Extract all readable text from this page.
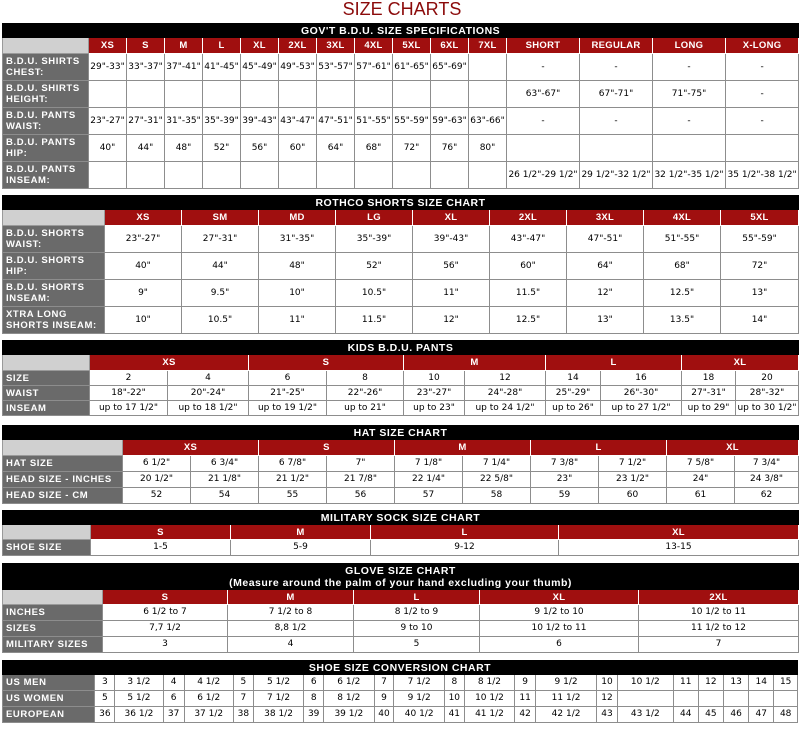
SIZE CHARTS
GOV'T B.D.U. SIZE SPECIFICATIONS															
	XS	S	M	L	XL	2XL	3XL	4XL	5XL	6XL	7XL	SHORT	REGULAR	LONG	X-LONG

B.D.U. SHIRTS
CHEST:	29"-33"	33"-37"	37"-41"	41"-45"	45"-49"	49"-53"	53"-57"	57"-61"	61"-65"	65"-69"		-	-	-	-

B.D.U. SHIRTS
HEIGHT:												63"-67"	67"-71"	71"-75"	-

B.D.U. PANTS
WAIST:	23"-27"	27"-31"	31"-35"	35"-39"	39"-43"	43"-47"	47"-51"	51"-55"	55"-59"	59"-63"	63"-66"	-	-	-	-

B.D.U. PANTS
HIP:	40"	44"	48"	52"	56"	60"	64"	68"	72"	76"	80"				

B.D.U. PANTS
INSEAM:												26 1/2"-29 1/2"	29 1/2"-32 1/2"	32 1/2"-35 1/2"	35 1/2"-38 1/2"
ROTHCO SHORTS SIZE CHART									
	XS	SM	MD	LG	XL	2XL	3XL	4XL	5XL

B.D.U. SHORTS
WAIST:	23"-27"	27"-31"	31"-35"	35"-39"	39"-43"	43"-47"	47"-51"	51"-55"	55"-59"

B.D.U. SHORTS
HIP:	40"	44"	48"	52"	56"	60"	64"	68"	72"

B.D.U. SHORTS
INSEAM:	9"	9.5"	10"	10.5"	11"	11.5"	12"	12.5"	13"

XTRA LONG
SHORTS INSEAM:	10"	10.5"	11"	11.5"	12"	12.5"	13"	13.5"	14"
KIDS B.D.U. PANTS										
	XS		S		M		L		XL	

SIZE	2	4	6	8	10	12	14	16	18	20

WAIST	18"-22"	20"-24"	21"-25"	22"-26"	23"-27"	24"-28"	25"-29"	26"-30"	27"-31"	28"-32"

INSEAM	up to 17 1/2"	up to 18 1/2"	up to 19 1/2"	up to 21"	up to 23"	up to 24 1/2"	up to 26"	up to 27 1/2"	up to 29"	up to 30 1/2"
HAT SIZE CHART										
	XS		S		M		L		XL	

HAT SIZE	6 1/2"	6 3/4"	6 7/8"	7"	7 1/8"	7 1/4"	7 3/8"	7 1/2"	7 5/8"	7 3/4"

HEAD SIZE - INCHES	20 1/2"	21 1/8"	21 1/2"	21 7/8"	22 1/4"	22 5/8"	23"	23 1/2"	24"	24 3/8"

HEAD SIZE - CM	52	54	55	56	57	58	59	60	61	62
MILITARY SOCK SIZE CHART				
	S	M	L	XL

SHOE SIZE	1-5	5-9	9-12	13-15
GLOVE SIZE CHART
(Measure around the palm of your hand excluding your thumb)					

	S	M	L	XL	2XL

INCHES	6 1/2 to 7	7 1/2 to 8	8 1/2 to 9	9 1/2 to 10	10 1/2 to 11

SIZES	7,7 1/2	8,8 1/2	9 to 10	10 1/2 to 11	11 1/2 to 12

MILITARY SIZES	3	4	5	6	7
SHOE SIZE CONVERSION CHART																					

US MEN	3	3 1/2	4	4 1/2	5	5 1/2	6	6 1/2	7	7 1/2	8	8 1/2	9	9 1/2	10	10 1/2	11	12	13	14	15

US WOMEN	5	5 1/2	6	6 1/2	7	7 1/2	8	8 1/2	9	9 1/2	10	10 1/2	11	11 1/2	12						

EUROPEAN	36	36 1/2	37	37 1/2	38	38 1/2	39	39 1/2	40	40 1/2	41	41 1/2	42	42 1/2	43	43 1/2	44	45	46	47	48
